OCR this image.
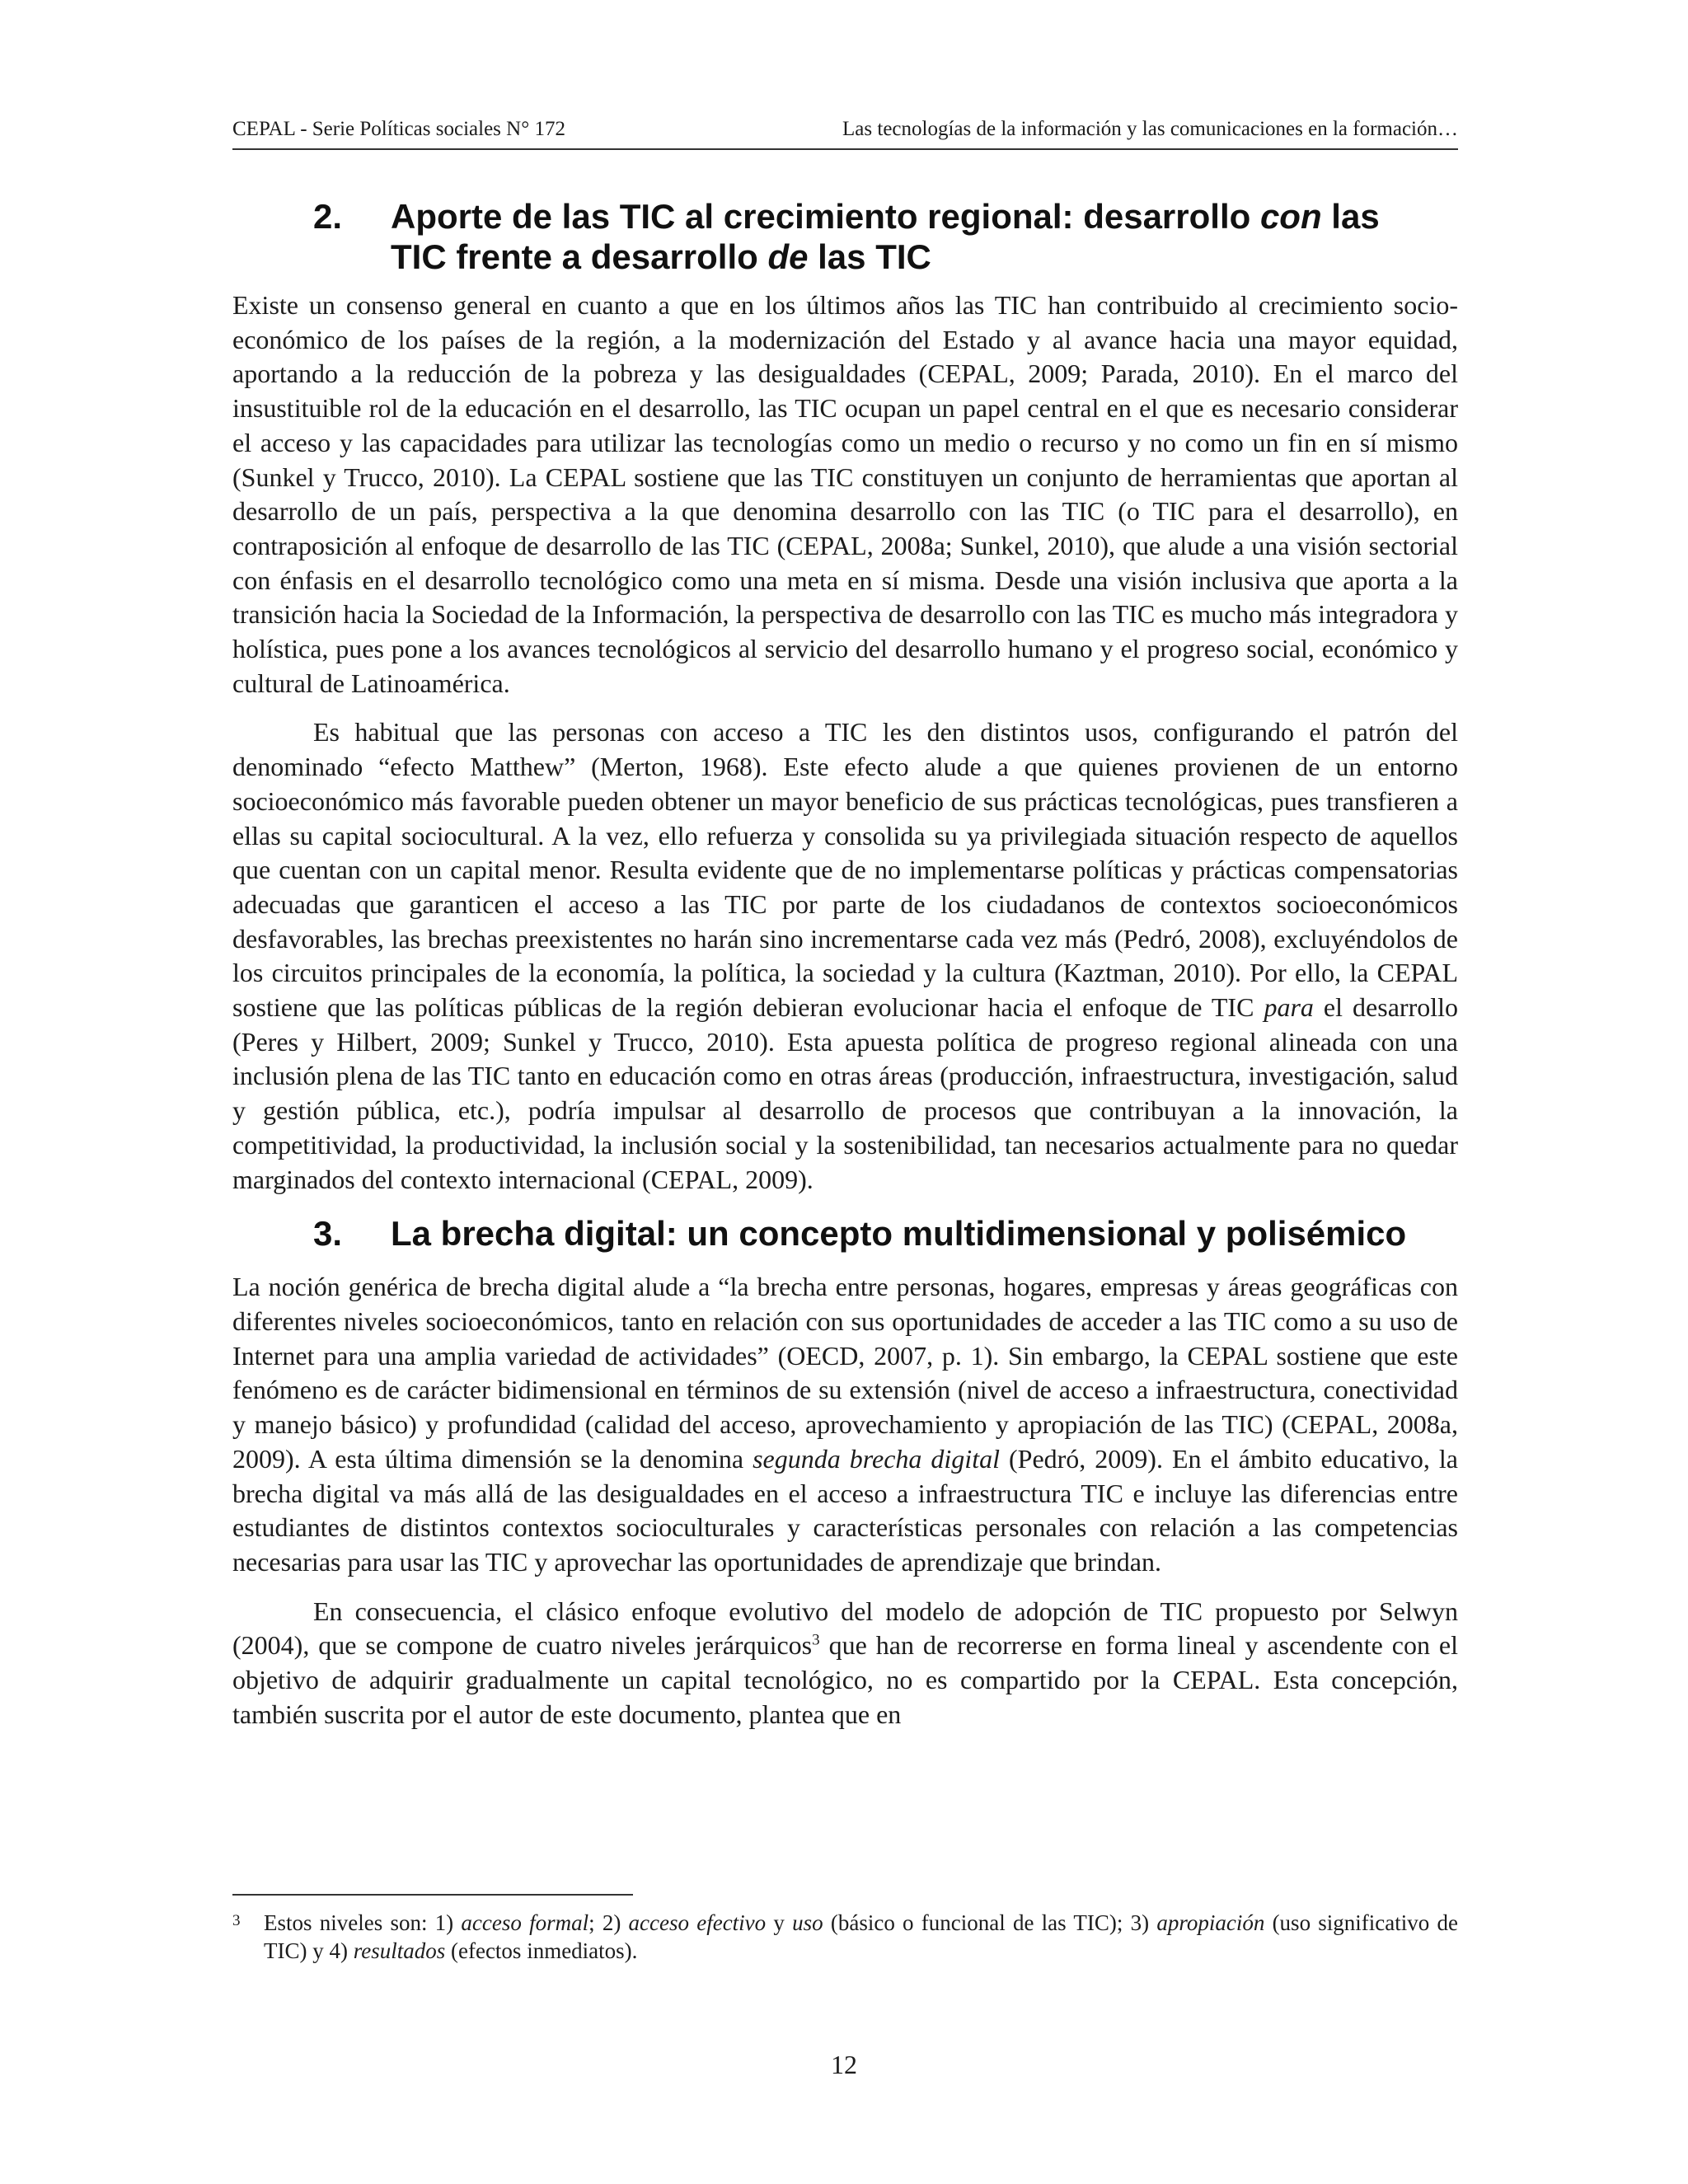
CEPAL - Serie Políticas sociales N° 172	Las tecnologías de la información y las comunicaciones en la formación…
2. Aporte de las TIC al crecimiento regional: desarrollo con las
TIC frente a desarrollo de las TIC

Existe un consenso general en cuanto a que en los últimos años las TIC han contribuido al crecimiento socio-económico de los países de la región, a la modernización del Estado y al avance hacia una mayor equidad, aportando a la reducción de la pobreza y las desigualdades (CEPAL, 2009; Parada, 2010). En el marco del insustituible rol de la educación en el desarrollo, las TIC ocupan un papel central en el que es necesario considerar el acceso y las capacidades para utilizar las tecnologías como un medio o recurso y no como un fin en sí mismo (Sunkel y Trucco, 2010). La CEPAL sostiene que las TIC constituyen un conjunto de herramientas que aportan al desarrollo de un país, perspectiva a la que denomina desarrollo con las TIC (o TIC para el desarrollo), en contraposición al enfoque de desarrollo de las TIC (CEPAL, 2008a; Sunkel, 2010), que alude a una visión sectorial con énfasis en el desarrollo tecnológico como una meta en sí misma. Desde una visión inclusiva que aporta a la transición hacia la Sociedad de la Información, la perspectiva de desarrollo con las TIC es mucho más integradora y holística, pues pone a los avances tecnológicos al servicio del desarrollo humano y el progreso social, económico y cultural de Latinoamérica.

Es habitual que las personas con acceso a TIC les den distintos usos, configurando el patrón del denominado “efecto Matthew” (Merton, 1968). Este efecto alude a que quienes provienen de un entorno socioeconómico más favorable pueden obtener un mayor beneficio de sus prácticas tecnológicas, pues transfieren a ellas su capital sociocultural. A la vez, ello refuerza y consolida su ya privilegiada situación respecto de aquellos que cuentan con un capital menor. Resulta evidente que de no implementarse políticas y prácticas compensatorias adecuadas que garanticen el acceso a las TIC por parte de los ciudadanos de contextos socioeconómicos desfavorables, las brechas preexistentes no harán sino incrementarse cada vez más (Pedró, 2008), excluyéndolos de los circuitos principales de la economía, la política, la sociedad y la cultura (Kaztman, 2010). Por ello, la CEPAL sostiene que las políticas públicas de la región debieran evolucionar hacia el enfoque de TIC para el desarrollo (Peres y Hilbert, 2009; Sunkel y Trucco, 2010). Esta apuesta política de progreso regional alineada con una inclusión plena de las TIC tanto en educación como en otras áreas (producción, infraestructura, investigación, salud y gestión pública, etc.), podría impulsar al desarrollo de procesos que contribuyan a la innovación, la competitividad, la productividad, la inclusión social y la sostenibilidad, tan necesarios actualmente para no quedar marginados del contexto internacional (CEPAL, 2009).

3. La brecha digital: un concepto multidimensional y polisémico

La noción genérica de brecha digital alude a “la brecha entre personas, hogares, empresas y áreas geográficas con diferentes niveles socioeconómicos, tanto en relación con sus oportunidades de acceder a las TIC como a su uso de Internet para una amplia variedad de actividades” (OECD, 2007, p. 1). Sin embargo, la CEPAL sostiene que este fenómeno es de carácter bidimensional en términos de su extensión (nivel de acceso a infraestructura, conectividad y manejo básico) y profundidad (calidad del acceso, aprovechamiento y apropiación de las TIC) (CEPAL, 2008a, 2009). A esta última dimensión se la denomina segunda brecha digital (Pedró, 2009). En el ámbito educativo, la brecha digital va más allá de las desigualdades en el acceso a infraestructura TIC e incluye las diferencias entre estudiantes de distintos contextos socioculturales y características personales con relación a las competencias necesarias para usar las TIC y aprovechar las oportunidades de aprendizaje que brindan.

En consecuencia, el clásico enfoque evolutivo del modelo de adopción de TIC propuesto por Selwyn (2004), que se compone de cuatro niveles jerárquicos$^3$ que han de recorrerse en forma lineal y ascendente con el objetivo de adquirir gradualmente un capital tecnológico, no es compartido por la CEPAL. Esta concepción, también suscrita por el autor de este documento, plantea que en

3	Estos niveles son: 1) acceso formal; 2) acceso efectivo y uso (básico o funcional de las TIC); 3) apropiación (uso significativo de TIC) y 4) resultados (efectos inmediatos).
12
